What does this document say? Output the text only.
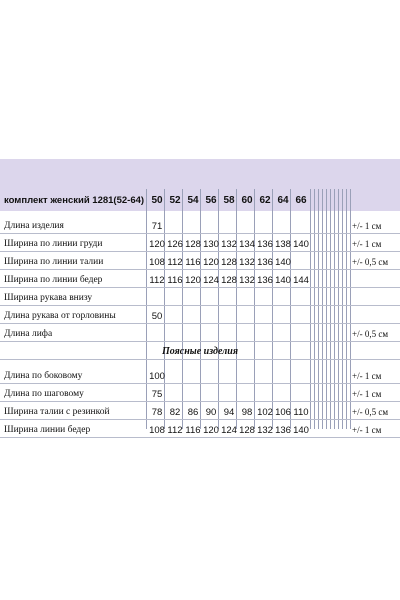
комплект женский 1281(52-64) 50 52 54 56 58 60 62 64 66
Длина изделия	71	+/- 1 см
Ширина по линии груди	120 126 128 130 132 134 136 138 140	+/- 1 см
Ширина по линии талии	108 112 116 120 128 132 136 140	+/- 0,5 см
Ширина по линии бедер	112 116 120 124 128 132 136 140 144
Ширина рукава внизу
Длина рукава от горловины	50
Длина лифа	+/- 0,5 см
Поясные изделия
Длина по боковому	100	+/- 1 см
Длина по шаговому	75	+/- 1 см
Ширина талии с резинкой	78 82 86 90 94 98 102 106 110	+/- 0,5 см
Ширина линии бедер	108 112 116 120 124 128 132 136 140	+/- 1 см
